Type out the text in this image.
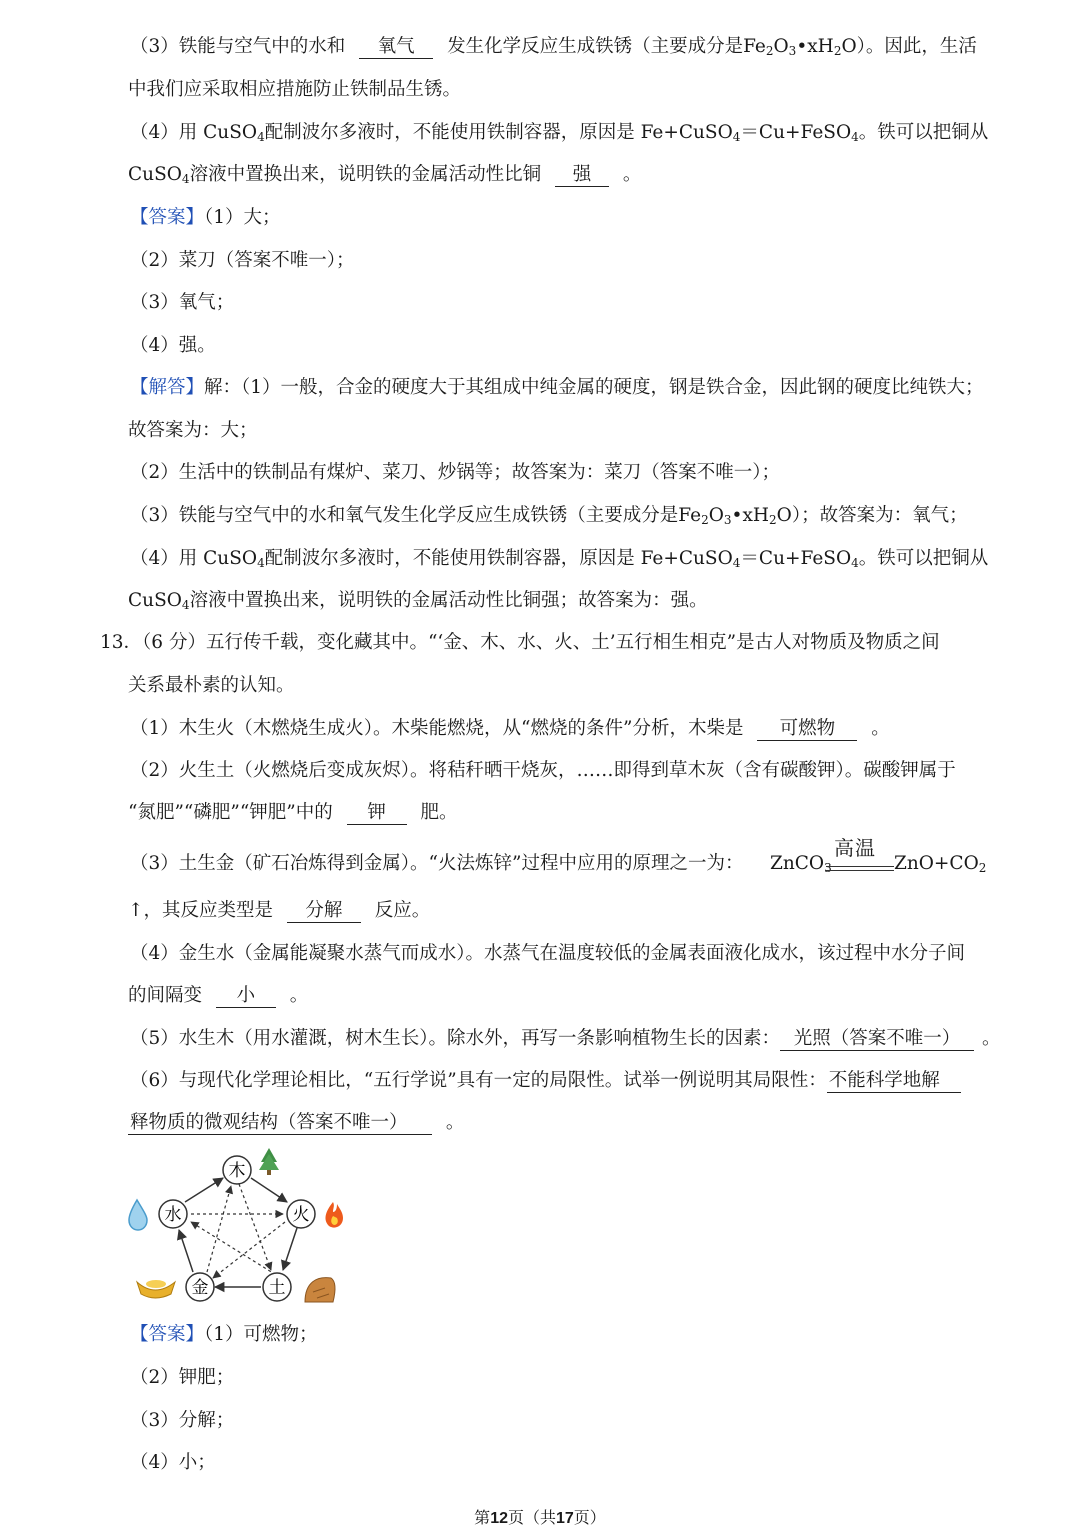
（3）铁能与空气中的水和 氧气 发生化学反应生成铁锈（主要成分是$Fe_2O_3•xH_2O$）。因此，生活
中我们应采取相应措施防止铁制品生锈。
（4）用 CuSO$_4$配制波尔多液时，不能使用铁制容器，原因是 Fe+CuSO$_4$＝Cu+FeSO$_4$。铁可以把铜从
CuSO$_4$溶液中置换出来，说明铁的金属活动性比铜 强 。
【答案】（1）大；
（2）菜刀（答案不唯一）；
（3）氧气；
（4）强。
【解答】解：（1）一般，合金的硬度大于其组成中纯金属的硬度，钢是铁合金，因此钢的硬度比纯铁大；
故答案为：大；
（2）生活中的铁制品有煤炉、菜刀、炒锅等；故答案为：菜刀（答案不唯一）；
（3）铁能与空气中的水和氧气发生化学反应生成铁锈（主要成分是$Fe_2O_3•xH_2O$）；故答案为：氧气；
（4）用 CuSO$_4$配制波尔多液时，不能使用铁制容器，原因是 Fe+CuSO$_4$＝Cu+FeSO$_4$。铁可以把铜从
CuSO$_4$溶液中置换出来，说明铁的金属活动性比铜强；故答案为：强。
13．（6 分）五行传千载，变化藏其中。“‘金、木、水、火、土’五行相生相克”是古人对物质及物质之间
关系最朴素的认知。
（1）木生火（木燃烧生成火）。木柴能燃烧，从“燃烧的条件”分析，木柴是 可燃物 。
（2）火生土（火燃烧后变成灰烬）。将秸秆晒干烧灰，……即得到草木灰（含有碳酸钾）。碳酸钾属于
“氮肥”“磷肥”“钾肥”中的 钾 肥。
（3）土生金（矿石冶炼得到金属）。“火法炼锌”过程中应用的原理之一为：	ZnCO$_3$
高温
$ZnO+CO_2$
↑，其反应类型是 分解 反应。
（4）金生水（金属能凝聚水蒸气而成水）。水蒸气在温度较低的金属表面液化成水，该过程中水分子间
的间隔变 小 。
（5）水生木（用水灌溉，树木生长）。除水外，再写一条影响植物生长的因素： 光照（答案不唯一） 。
（6）与现代化学理论相比，“五行学说”具有一定的局限性。试举一例说明其局限性： 不能科学地解
释物质的微观结构（答案不唯一） 。
木
火
土
金
水
【答案】（1）可燃物；
（2）钾肥；
（3）分解；
（4）小；
第12页（共17页）
